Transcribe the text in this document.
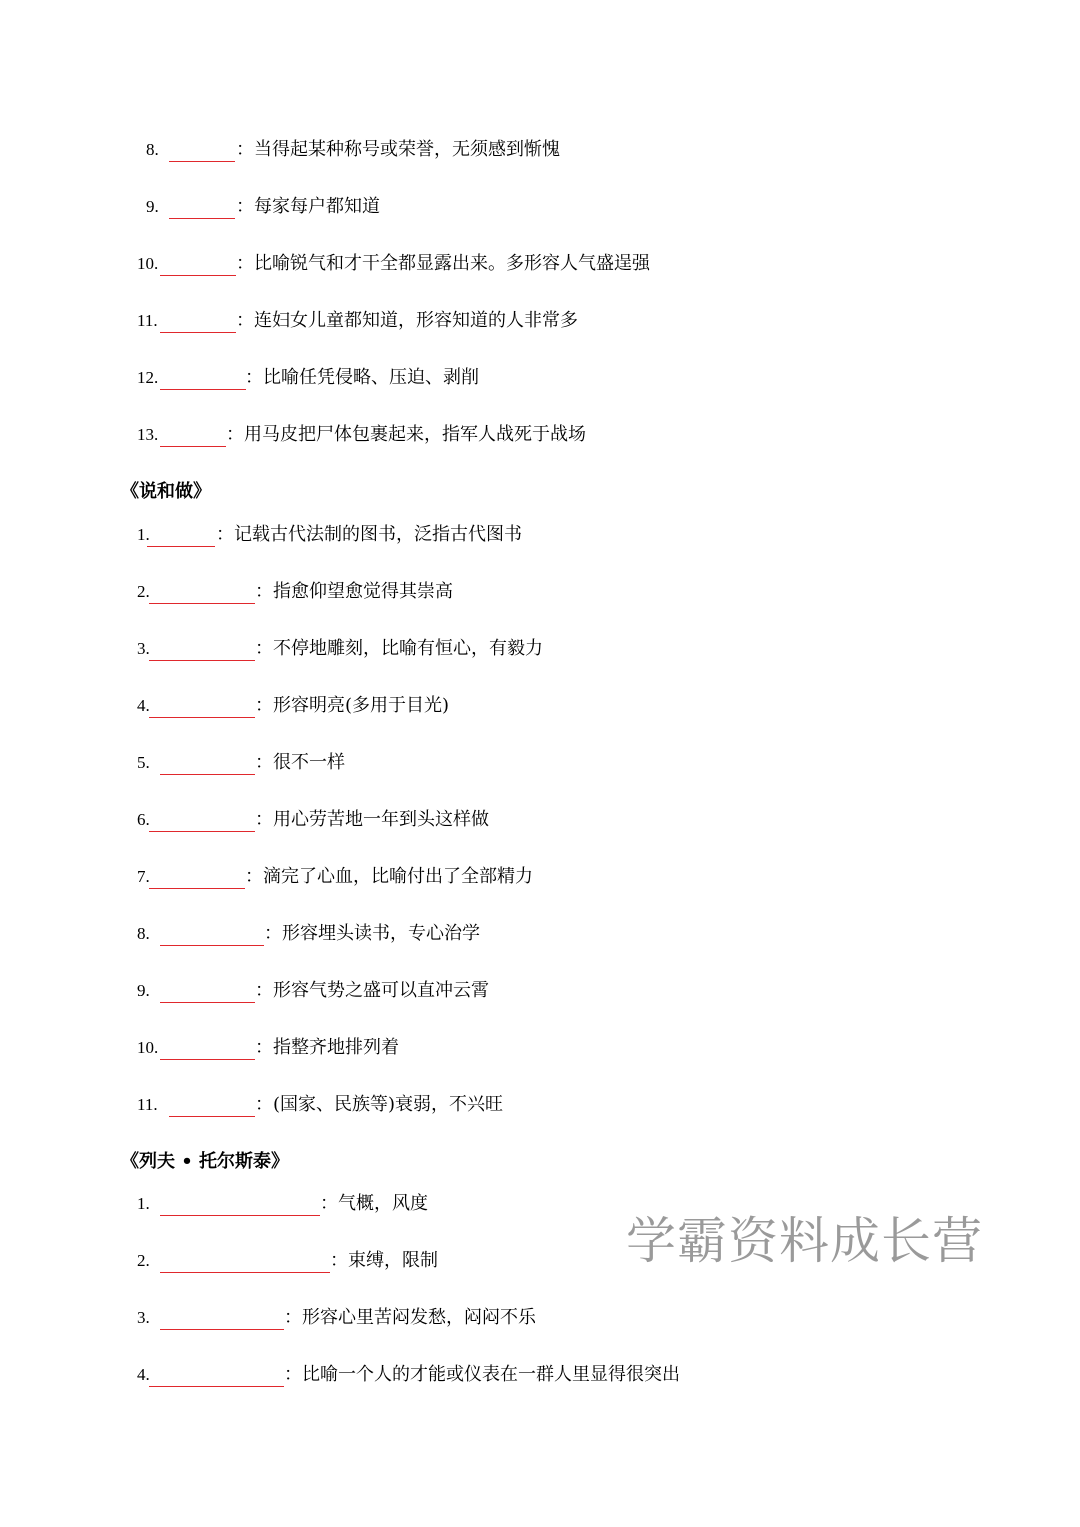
8.	：当得起某种称号或荣誉，无须感到惭愧
9.	：每家每户都知道
10.	：比喻锐气和才干全都显露出来。多形容人气盛逞强
11.	：连妇女儿童都知道，形容知道的人非常多
12.	：比喻任凭侵略、压迫、剥削
13.	：用马皮把尸体包裹起来，指军人战死于战场
《说和做》
1.	：记载古代法制的图书，泛指古代图书
2.	：指愈仰望愈觉得其崇高
3.	：不停地雕刻，比喻有恒心，有毅力
4.	：形容明亮(多用于目光)
5.	：很不一样
6.	：用心劳苦地一年到头这样做
7.	：滴完了心血，比喻付出了全部精力
8.	：形容埋头读书，专心治学
9.	：形容气势之盛可以直冲云霄
10.	：指整齐地排列着
11.	：(国家、民族等)衰弱，不兴旺
《列夫 • 托尔斯泰》
1.	：气概，风度
2.	：束缚，限制
3.	：形容心里苦闷发愁，闷闷不乐
4.	：比喻一个人的才能或仪表在一群人里显得很突出
学霸资料成长营
